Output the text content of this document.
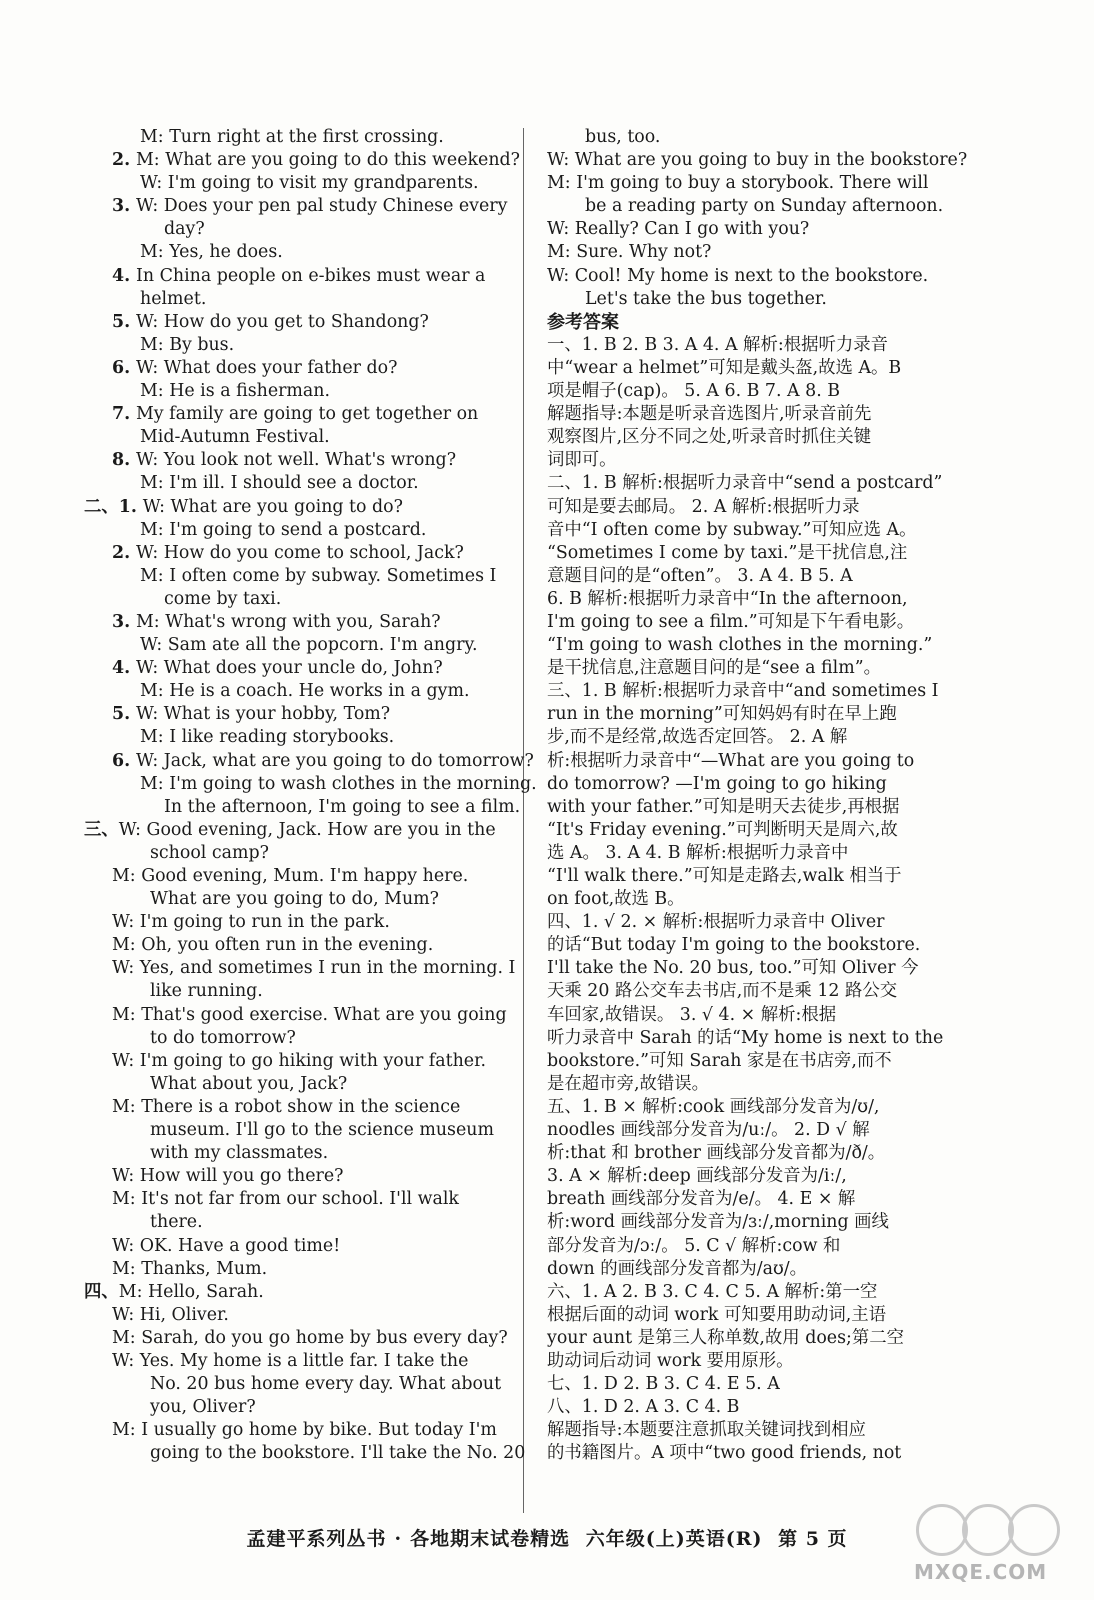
M: Turn right at the first crossing.
2. M: What are you going to do this weekend?
W: I'm going to visit my grandparents.
3. W: Does your pen pal study Chinese every
day?
M: Yes, he does.
4. In China people on e-bikes must wear a
helmet.
5. W: How do you get to Shandong?
M: By bus.
6. W: What does your father do?
M: He is a fisherman.
7. My family are going to get together on
Mid-Autumn Festival.
8. W: You look not well. What's wrong?
M: I'm ill. I should see a doctor.
二、1. W: What are you going to do?
M: I'm going to send a postcard.
2. W: How do you come to school, Jack?
M: I often come by subway. Sometimes I
come by taxi.
3. M: What's wrong with you, Sarah?
W: Sam ate all the popcorn. I'm angry.
4. W: What does your uncle do, John?
M: He is a coach. He works in a gym.
5. W: What is your hobby, Tom?
M: I like reading storybooks.
6. W: Jack, what are you going to do tomorrow?
M: I'm going to wash clothes in the morning.
In the afternoon, I'm going to see a film.
三、W: Good evening, Jack. How are you in the
school camp?
M: Good evening, Mum. I'm happy here.
What are you going to do, Mum?
W: I'm going to run in the park.
M: Oh, you often run in the evening.
W: Yes, and sometimes I run in the morning. I
like running.
M: That's good exercise. What are you going
to do tomorrow?
W: I'm going to go hiking with your father.
What about you, Jack?
M: There is a robot show in the science
museum. I'll go to the science museum
with my classmates.
W: How will you go there?
M: It's not far from our school. I'll walk
there.
W: OK. Have a good time!
M: Thanks, Mum.
四、M: Hello, Sarah.
W: Hi, Oliver.
M: Sarah, do you go home by bus every day?
W: Yes. My home is a little far. I take the
No. 20 bus home every day. What about
you, Oliver?
M: I usually go home by bike. But today I'm
going to the bookstore. I'll take the No. 20
bus, too.
W: What are you going to buy in the bookstore?
M: I'm going to buy a storybook. There will
be a reading party on Sunday afternoon.
W: Really? Can I go with you?
M: Sure. Why not?
W: Cool! My home is next to the bookstore.
Let's take the bus together.
参考答案
一、1. B 2. B 3. A 4. A 解析:根据听力录音
中“wear a helmet”可知是戴头盔,故选 A。B
项是帽子(cap)。 5. A 6. B 7. A 8. B
解题指导:本题是听录音选图片,听录音前先
观察图片,区分不同之处,听录音时抓住关键
词即可。
二、1. B 解析:根据听力录音中“send a postcard”
可知是要去邮局。 2. A 解析:根据听力录
音中“I often come by subway.”可知应选 A。
“Sometimes I come by taxi.”是干扰信息,注
意题目问的是“often”。 3. A 4. B 5. A
6. B 解析:根据听力录音中“In the afternoon,
I'm going to see a film.”可知是下午看电影。
“I'm going to wash clothes in the morning.”
是干扰信息,注意题目问的是“see a film”。
三、1. B 解析:根据听力录音中“and sometimes I
run in the morning”可知妈妈有时在早上跑
步,而不是经常,故选否定回答。 2. A 解
析:根据听力录音中“—What are you going to
do tomorrow? —I'm going to go hiking
with your father.”可知是明天去徒步,再根据
“It's Friday evening.”可判断明天是周六,故
选 A。 3. A 4. B 解析:根据听力录音中
“I'll walk there.”可知是走路去,walk 相当于
on foot,故选 B。
四、1. √ 2. × 解析:根据听力录音中 Oliver
的话“But today I'm going to the bookstore.
I'll take the No. 20 bus, too.”可知 Oliver 今
天乘 20 路公交车去书店,而不是乘 12 路公交
车回家,故错误。 3. √ 4. × 解析:根据
听力录音中 Sarah 的话“My home is next to the
bookstore.”可知 Sarah 家是在书店旁,而不
是在超市旁,故错误。
五、1. B × 解析:cook 画线部分发音为/ʊ/,
noodles 画线部分发音为/uː/。 2. D √ 解
析:that 和 brother 画线部分发音都为/ð/。
3. A × 解析:deep 画线部分发音为/iː/,
breath 画线部分发音为/e/。 4. E × 解
析:word 画线部分发音为/ɜː/,morning 画线
部分发音为/ɔː/。 5. C √ 解析:cow 和
down 的画线部分发音都为/aʊ/。
六、1. A 2. B 3. C 4. C 5. A 解析:第一空
根据后面的动词 work 可知要用助动词,主语
your aunt 是第三人称单数,故用 does;第二空
助动词后动词 work 要用原形。
七、1. D 2. B 3. C 4. E 5. A
八、1. D 2. A 3. C 4. B
解题指导:本题要注意抓取关键词找到相应
的书籍图片。A 项中“two good friends, not
孟建平系列丛书 · 各地期末试卷精选 六年级(上)英语(R) 第 5 页
MXQE.COM
